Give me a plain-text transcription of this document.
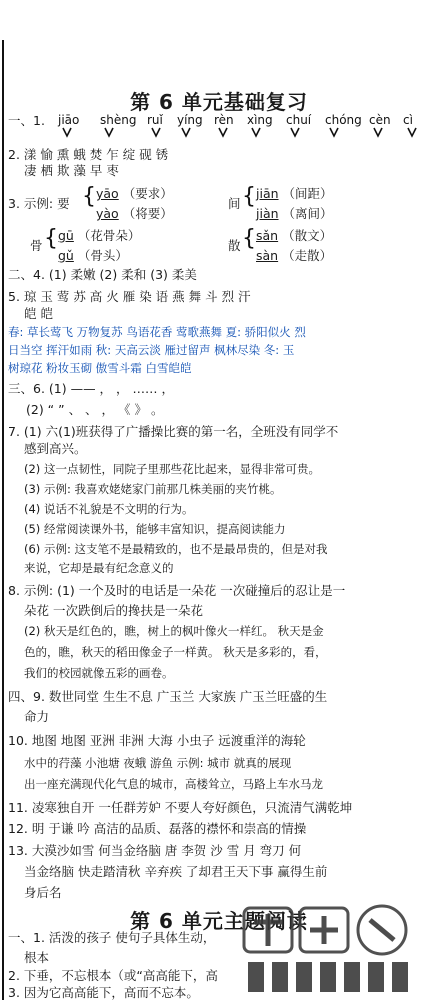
第 6 单元基础复习
一、1. jiāo shèng ruǐ yíng rèn xìng chuí chóng cèn cì
2. 漾 愉 熏 蛾 焚 乍 绽 砚 锈
凄 栖 欺 藻 早 枣
3. 示例: 要 { yāo （要求）
yào （将要）
间 { jiān （间距）
jiàn （离间）
骨 { gū （花骨朵）
gǔ （骨头）
散 { sǎn （散文）
sàn （走散）
二、4. (1) 柔嫩 (2) 柔和 (3) 柔美
5. 琼 玉 莺 苏 高 火 雁 染 语 燕 舞 斗 烈 汗
皑 皑
春: 草长莺飞 万物复苏 鸟语花香 莺歌燕舞 夏: 骄阳似火 烈
日当空 挥汗如雨 秋: 天高云淡 雁过留声 枫林尽染 冬: 玉
树琼花 粉妆玉砌 傲雪斗霜 白雪皑皑
三、6. (1) —— ， ， …… ，
(2) “ ” 、 、 ， 《 》 。
7. (1) 六(1)班获得了广播操比赛的第一名，全班没有同学不
感到高兴。
(2) 这一点韧性，同院子里那些花比起来，显得非常可贵。
(3) 示例: 我喜欢姥姥家门前那几株美丽的夹竹桃。
(4) 说话不礼貌是不文明的行为。
(5) 经常阅读课外书，能够丰富知识，提高阅读能力
(6) 示例: 这支笔不是最精致的，也不是最昂贵的，但是对我
来说，它却是最有纪念意义的
8. 示例: (1) 一个及时的电话是一朵花 一次碰撞后的忍让是一
朵花 一次跌倒后的搀扶是一朵花
(2) 秋天是红色的，瞧，树上的枫叶像火一样红。 秋天是金
色的，瞧，秋天的稻田像金子一样黄。 秋天是多彩的，看，
我们的校园就像五彩的画卷。
四、9. 数世同堂 生生不息 广玉兰 大家族 广玉兰旺盛的生
命力
10. 地图 地图 亚洲 非洲 大海 小虫子 远渡重洋的海轮
水中的荇藻 小池塘 夜蛾 游鱼 示例: 城市 就真的展现
出一座充满现代化气息的城市，高楼耸立，马路上车水马龙
11. 凌寒独自开 一任群芳妒 不要人夸好颜色，只流清气满乾坤
12. 明 于谦 吟 高洁的品质、磊落的襟怀和崇高的情操
13. 大漠沙如雪 何当金络脑 唐 李贺 沙 雪 月 弯刀 何
当金络脑 快走踏清秋 辛弃疾 了却君王天下事 赢得生前
身后名
第 6 单元主题阅读
一、1. 活泼的孩子 使句子具体生动，
根本
2. 下垂，不忘根本（或“高高能下，高
3. 因为它高高能下，高而不忘本。
